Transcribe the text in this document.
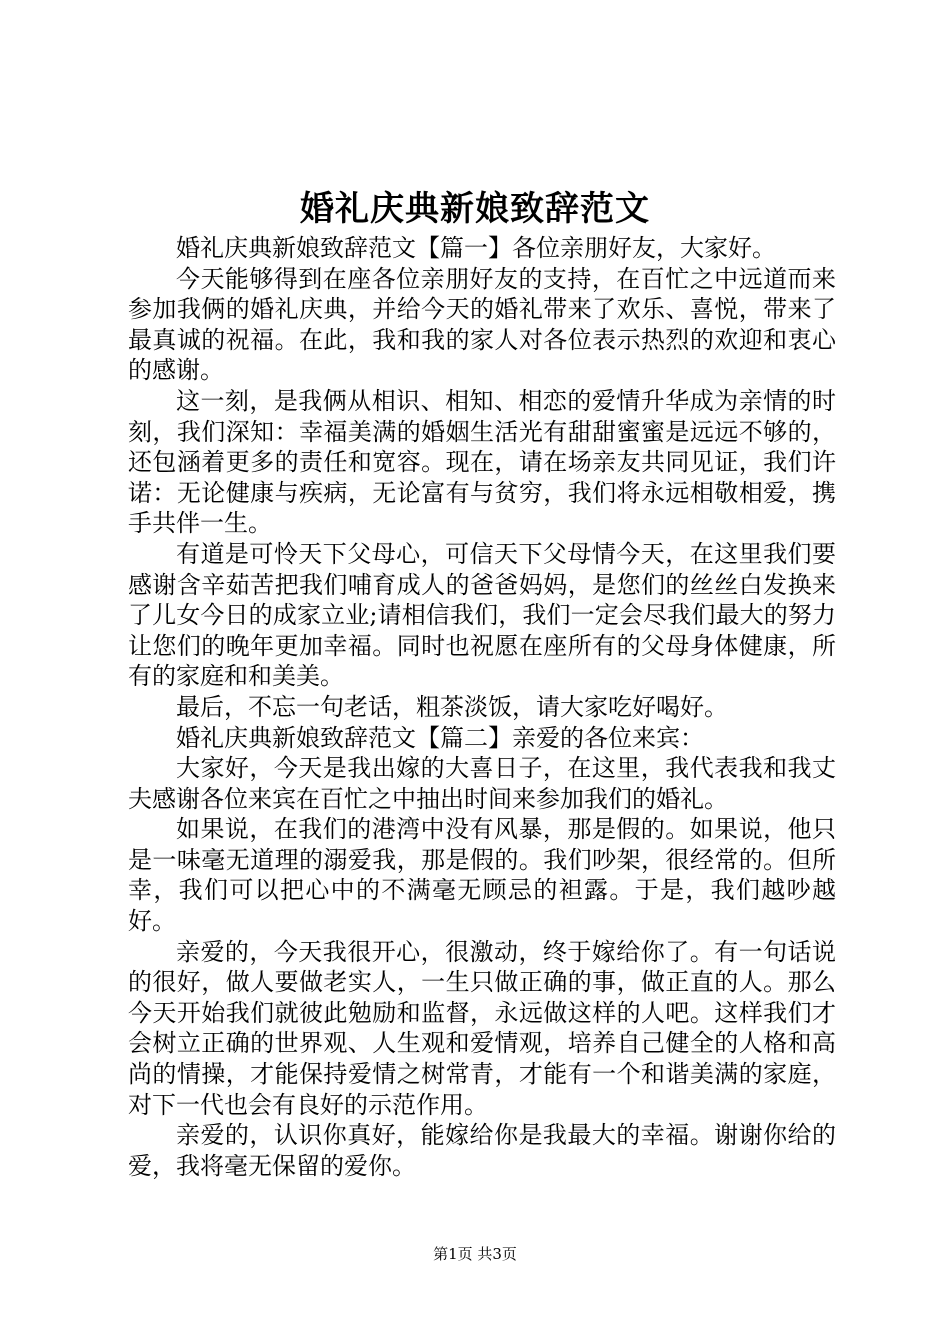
婚礼庆典新娘致辞范文

婚礼庆典新娘致辞范文【篇一】各位亲朋好友，大家好。

今天能够得到在座各位亲朋好友的支持，在百忙之中远道而来参加我俩的婚礼庆典，并给今天的婚礼带来了欢乐、喜悦，带来了最真诚的祝福。在此，我和我的家人对各位表示热烈的欢迎和衷心的感谢。

这一刻，是我俩从相识、相知、相恋的爱情升华成为亲情的时刻，我们深知：幸福美满的婚姻生活光有甜甜蜜蜜是远远不够的，还包涵着更多的责任和宽容。现在，请在场亲友共同见证，我们许诺：无论健康与疾病，无论富有与贫穷，我们将永远相敬相爱，携手共伴一生。

有道是可怜天下父母心，可信天下父母情今天，在这里我们要感谢含辛茹苦把我们哺育成人的爸爸妈妈，是您们的丝丝白发换来了儿女今日的成家立业;请相信我们，我们一定会尽我们最大的努力让您们的晚年更加幸福。同时也祝愿在座所有的父母身体健康，所有的家庭和和美美。

最后，不忘一句老话，粗茶淡饭，请大家吃好喝好。

婚礼庆典新娘致辞范文【篇二】亲爱的各位来宾：

大家好，今天是我出嫁的大喜日子，在这里，我代表我和我丈夫感谢各位来宾在百忙之中抽出时间来参加我们的婚礼。

如果说，在我们的港湾中没有风暴，那是假的。如果说，他只是一味毫无道理的溺爱我，那是假的。我们吵架，很经常的。但所幸，我们可以把心中的不满毫无顾忌的袒露。于是，我们越吵越好。

亲爱的，今天我很开心，很激动，终于嫁给你了。有一句话说的很好，做人要做老实人，一生只做正确的事，做正直的人。那么今天开始我们就彼此勉励和监督，永远做这样的人吧。这样我们才会树立正确的世界观、人生观和爱情观，培养自己健全的人格和高尚的情操，才能保持爱情之树常青，才能有一个和谐美满的家庭，对下一代也会有良好的示范作用。

亲爱的，认识你真好，能嫁给你是我最大的幸福。谢谢你给的爱，我将毫无保留的爱你。

第1页 共3页
